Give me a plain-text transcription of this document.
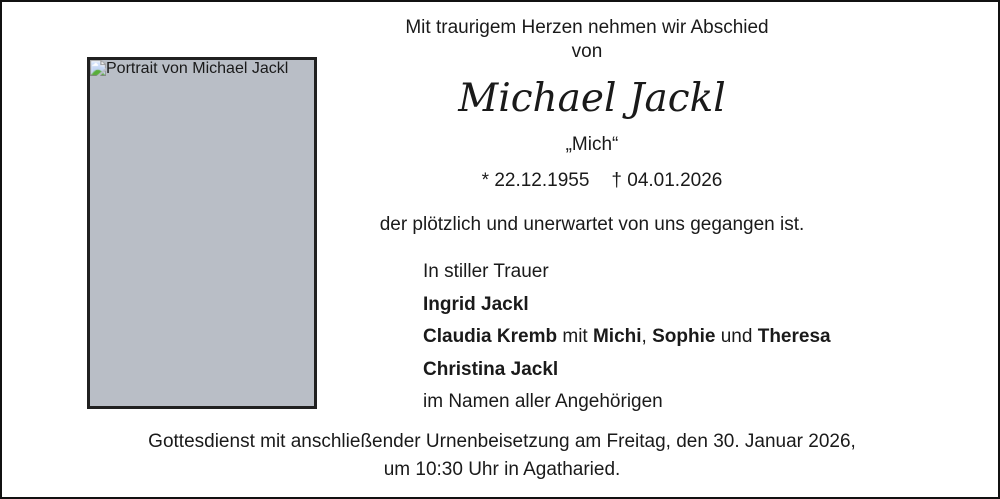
Mit traurigem Herzen nehmen wir Abschied
von
Michael Jackl
„Mich“
* 22.12.1955 † 04.01.2026
der plötzlich und unerwartet von uns gegangen ist.
In stiller Trauer
Ingrid Jackl
Claudia Kremb mit Michi, Sophie und Theresa
Christina Jackl
im Namen aller Angehörigen
Gottesdienst mit anschließender Urnenbeisetzung am Freitag, den 30. Januar 2026,
um 10:30 Uhr in Agatharied.
